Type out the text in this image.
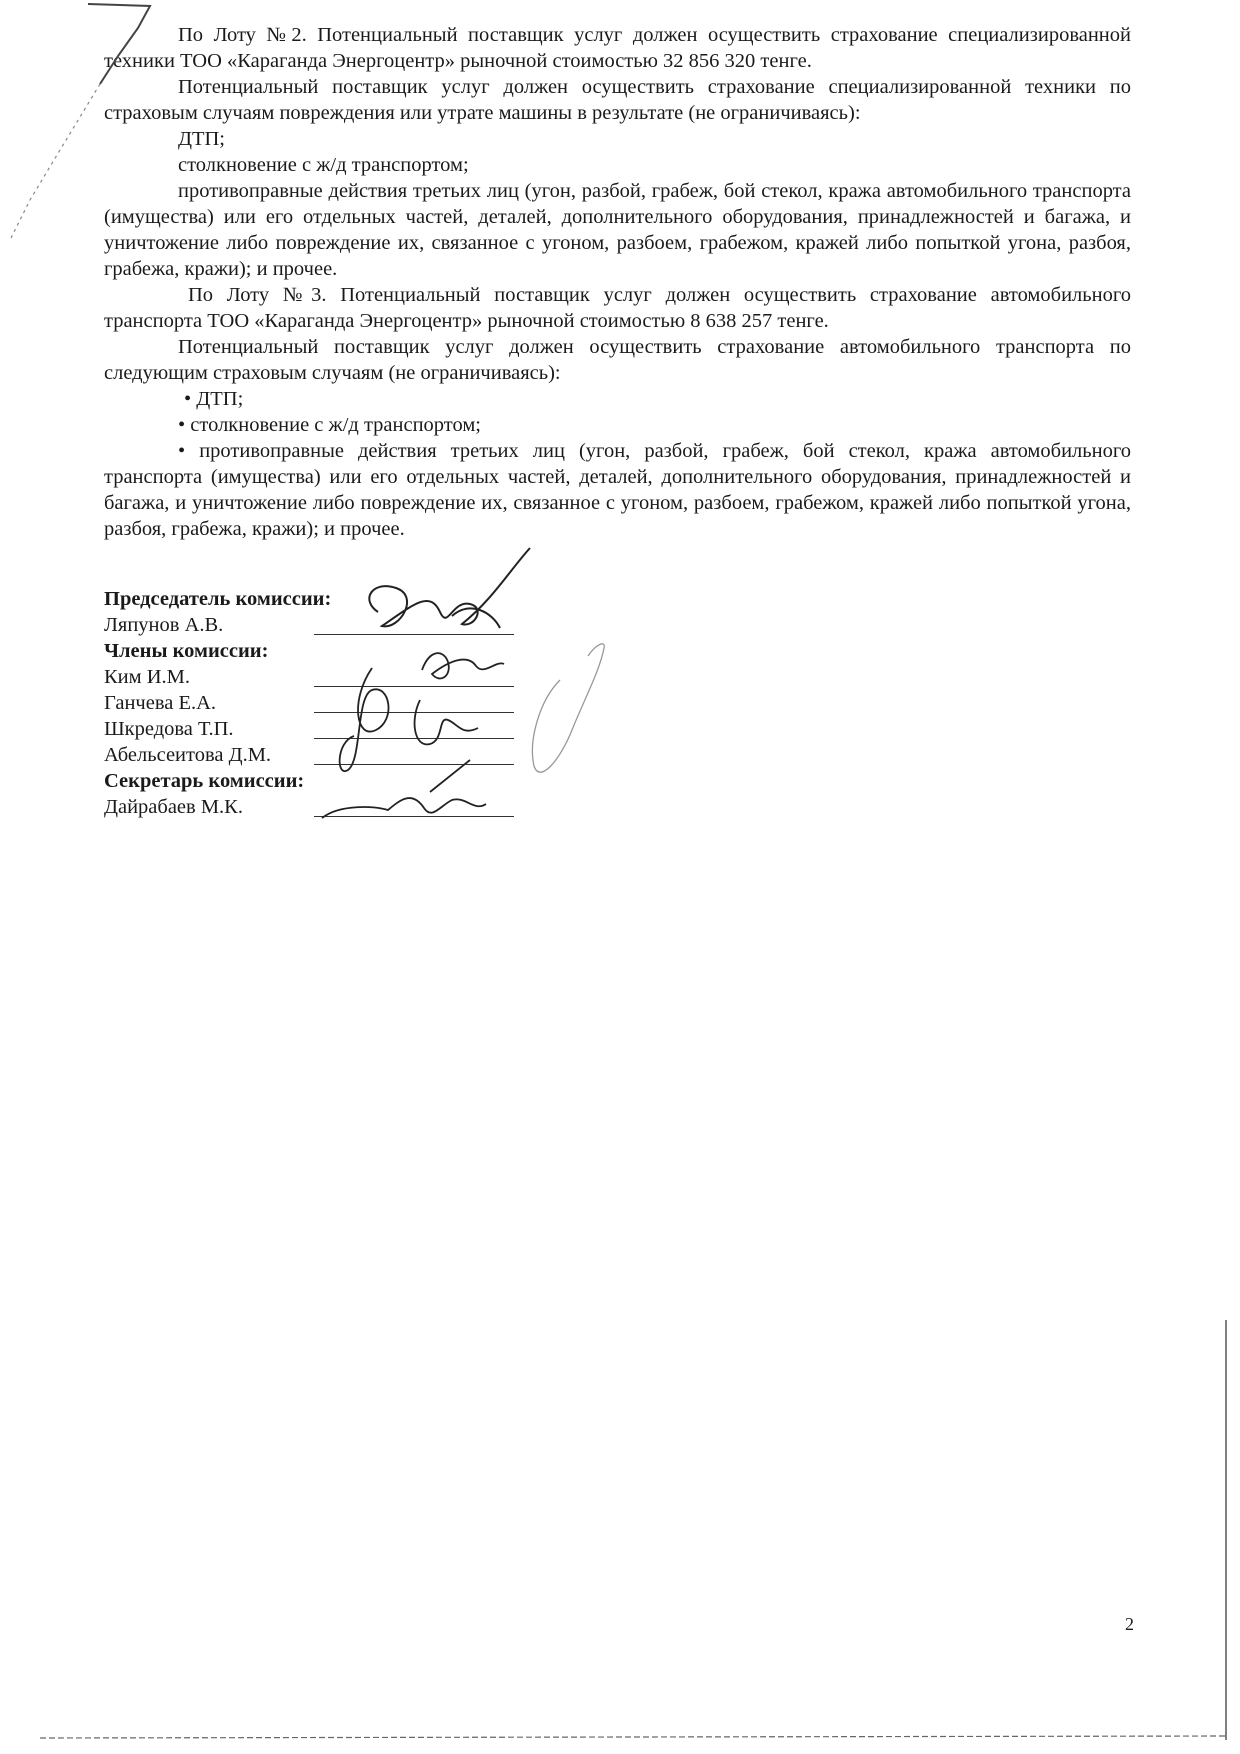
По Лоту №2. Потенциальный поставщик услуг должен осуществить страхование специализированной техники ТОО «Караганда Энергоцентр» рыночной стоимостью 32 856 320 тенге.

Потенциальный поставщик услуг должен осуществить страхование специализированной техники по страховым случаям повреждения или утрате машины в результате (не ограничиваясь):

ДТП;

столкновение с ж/д транспортом;

противоправные действия третьих лиц (угон, разбой, грабеж, бой стекол, кража автомобильного транспорта (имущества) или его отдельных частей, деталей, дополнительного оборудования, принадлежностей и багажа, и уничтожение либо повреждение их, связанное с угоном, разбоем, грабежом, кражей либо попыткой угона, разбоя, грабежа, кражи); и прочее.

По Лоту №3. Потенциальный поставщик услуг должен осуществить страхование автомобильного транспорта ТОО «Караганда Энергоцентр» рыночной стоимостью 8 638 257 тенге.

Потенциальный поставщик услуг должен осуществить страхование автомобильного транспорта по следующим страховым случаям (не ограничиваясь):

• ДТП;

• столкновение с ж/д транспортом;

• противоправные действия третьих лиц (угон, разбой, грабеж, бой стекол, кража автомобильного транспорта (имущества) или его отдельных частей, деталей, дополнительного оборудования, принадлежностей и багажа, и уничтожение либо повреждение их, связанное с угоном, разбоем, грабежом, кражей либо попыткой угона, разбоя, грабежа, кражи); и прочее.

Председатель комиссии:
Ляпунов А.В.
Члены комиссии:
Ким И.М.
Ганчева Е.А.
Шкредова Т.П.
Абельсеитова Д.М.
Секретарь комиссии:
Дайрабаев М.К.
2
